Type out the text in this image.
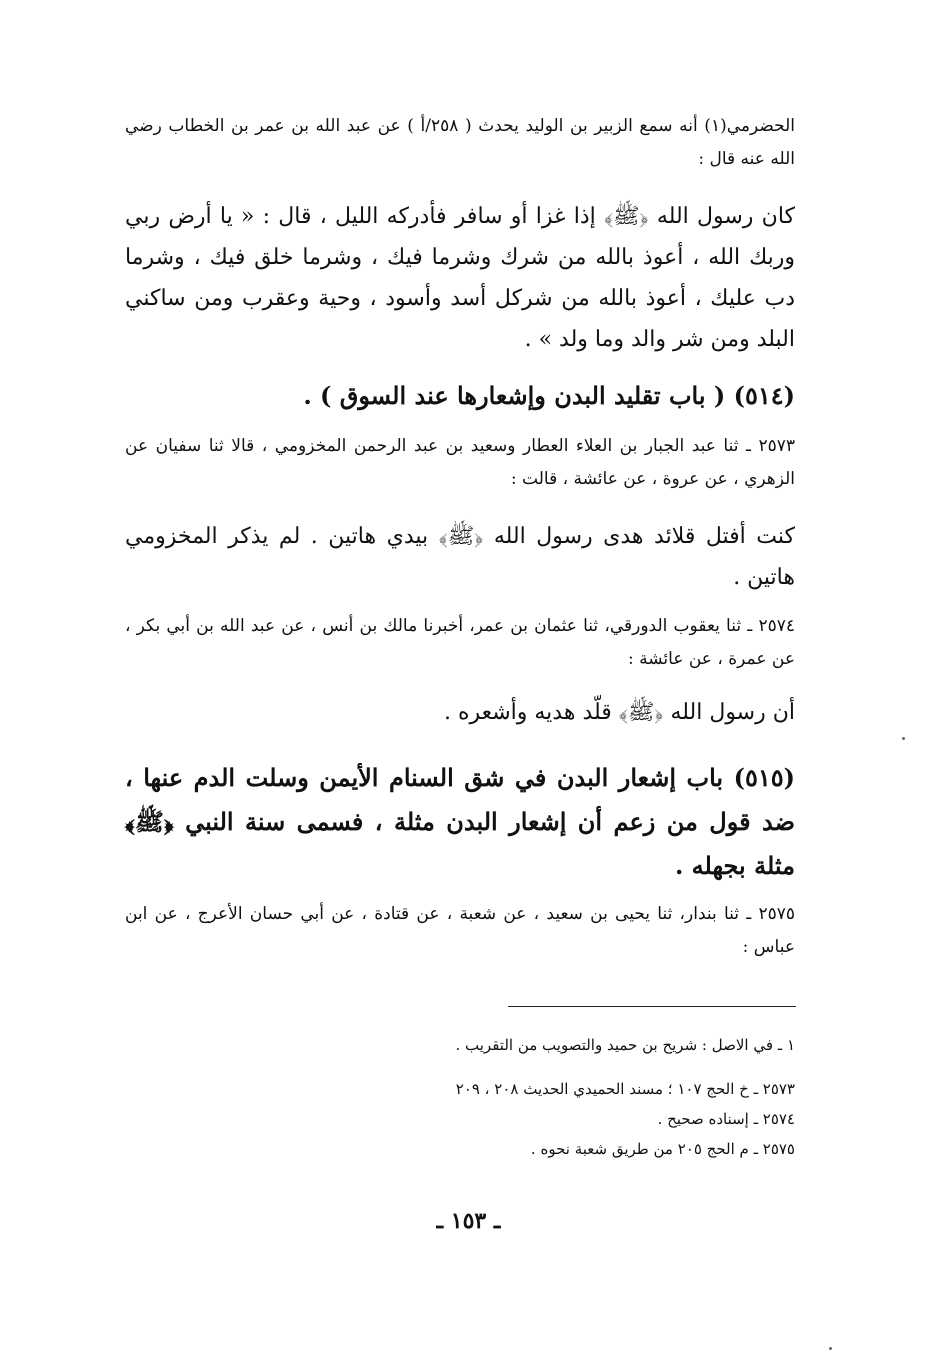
الحضرمي(١) أنه سمع الزبير بن الوليد يحدث ( ٢٥٨/أ ) عن عبد الله بن عمر بن الخطاب رضي الله عنه قال :

كان رسول الله ﴿ﷺ﴾ إذا غزا أو سافر فأدركه الليل ، قال : « يا أرض ربي وربك الله ، أعوذ بالله من شرك وشرما فيك ، وشرما خلق فيك ، وشرما دب عليك ، أعوذ بالله من شركل أسد وأسود ، وحية وعقرب ومن ساكني البلد ومن شر والد وما ولد » .

(٥١٤) ( باب تقليد البدن وإشعارها عند السوق ) .

٢٥٧٣ ـ ثنا عبد الجبار بن العلاء العطار وسعيد بن عبد الرحمن المخزومي ، قالا ثنا سفيان عن الزهري ، عن عروة ، عن عائشة ، قالت :

كنت أفتل قلائد هدى رسول الله ﴿ﷺ﴾ بيدي هاتين . لم يذكر المخزومي هاتين .

٢٥٧٤ ـ ثنا يعقوب الدورقي، ثنا عثمان بن عمر، أخبرنا مالك بن أنس ، عن عبد الله بن أبي بكر ، عن عمرة ، عن عائشة :

أن رسول الله ﴿ﷺ﴾ قلّد هديه وأشعره .

(٥١٥) باب إشعار البدن في شق السنام الأيمن وسلت الدم عنها ، ضد قول من زعم أن إشعار البدن مثلة ، فسمى سنة النبي ﴿ﷺ﴾ مثلة بجهله .

٢٥٧٥ ـ ثنا بندار، ثنا يحيى بن سعيد ، عن شعبة ، عن قتادة ، عن أبي حسان الأعرج ، عن ابن عباس :

١ ـ في الاصل : شريح بن حميد والتصويب من التقريب .

٢٥٧٣ ـ خ الحج ١٠٧ ؛ مسند الحميدي الحديث ٢٠٨ ، ٢٠٩

٢٥٧٤ ـ إسناده صحيح .

٢٥٧٥ ـ م الحج ٢٠٥ من طريق شعبة نحوه .

ـ ١٥٣ ـ
